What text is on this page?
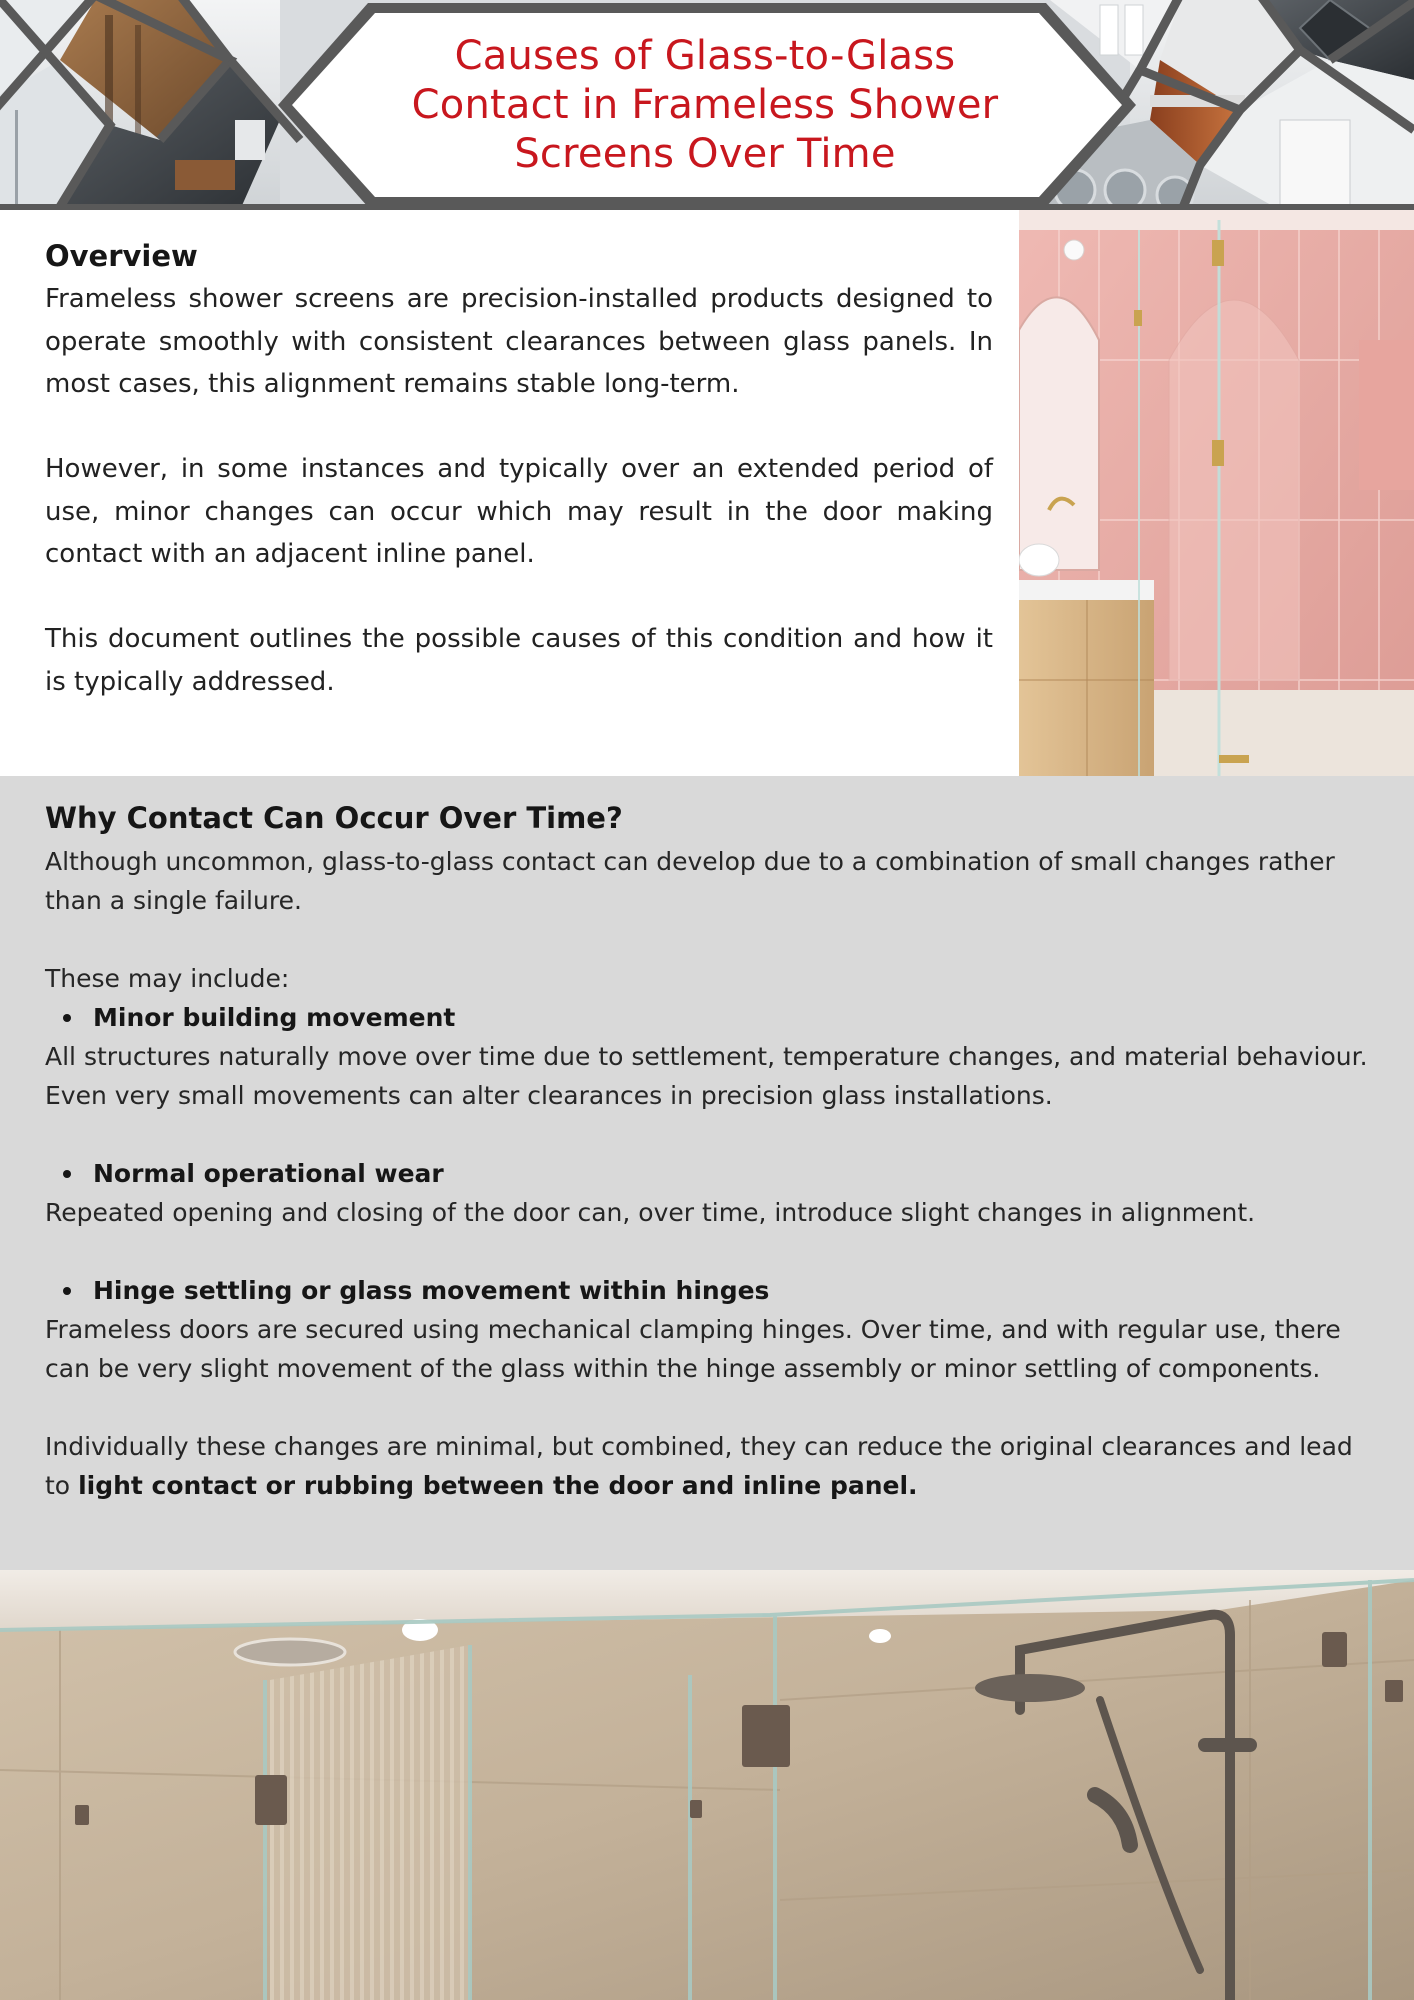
Causes of Glass-to-Glass
Contact in Frameless Shower
Screens Over Time
Overview

Frameless shower screens are precision-installed products designed to operate smoothly with consistent clearances between glass panels. In most cases, this alignment remains stable long-term.

However, in some instances and typically over an extended period of use, minor changes can occur which may result in the door making contact with an adjacent inline panel.

This document outlines the possible causes of this condition and how it is typically addressed.

Why Contact Can Occur Over Time?

Although uncommon, glass-to-glass contact can develop due to a combination of small changes rather than a single failure.

These may include:

Minor building movement

All structures naturally move over time due to settlement, temperature changes, and material behaviour. Even very small movements can alter clearances in precision glass installations.

Normal operational wear

Repeated opening and closing of the door can, over time, introduce slight changes in alignment.

Hinge settling or glass movement within hinges

Frameless doors are secured using mechanical clamping hinges. Over time, and with regular use, there can be very slight movement of the glass within the hinge assembly or minor settling of components.

Individually these changes are minimal, but combined, they can reduce the original clearances and lead to light contact or rubbing between the door and inline panel.
